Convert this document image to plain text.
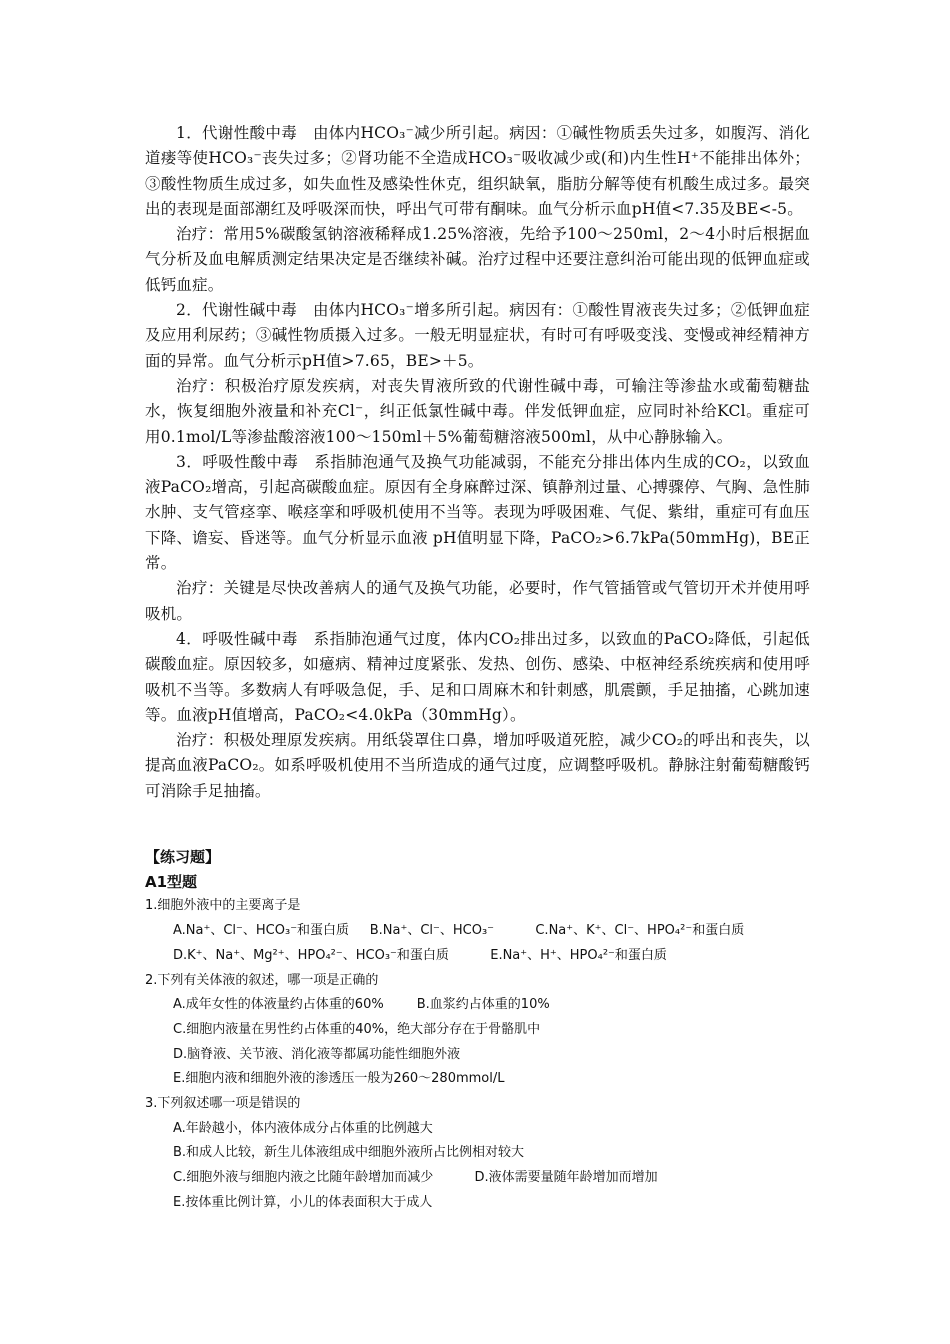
1．代谢性酸中毒　由体内HCO₃⁻减少所引起。病因：①碱性物质丢失过多，如腹泻、消化道瘘等使HCO₃⁻丧失过多；②肾功能不全造成HCO₃⁻吸收减少或(和)内生性H⁺不能排出体外；③酸性物质生成过多，如失血性及感染性休克，组织缺氧，脂肪分解等使有机酸生成过多。最突出的表现是面部潮红及呼吸深而快，呼出气可带有酮味。血气分析示血pH值<7.35及BE<-5。

治疗：常用5%碳酸氢钠溶液稀释成1.25%溶液，先给予100～250ml，2～4小时后根据血气分析及血电解质测定结果决定是否继续补碱。治疗过程中还要注意纠治可能出现的低钾血症或低钙血症。

2．代谢性碱中毒　由体内HCO₃⁻增多所引起。病因有：①酸性胃液丧失过多；②低钾血症及应用利尿药；③碱性物质摄入过多。一般无明显症状，有时可有呼吸变浅、变慢或神经精神方面的异常。血气分析示pH值>7.65，BE>＋5。

治疗：积极治疗原发疾病，对丧失胃液所致的代谢性碱中毒，可输注等渗盐水或葡萄糖盐水，恢复细胞外液量和补充Cl⁻，纠正低氯性碱中毒。伴发低钾血症，应同时补给KCl。重症可用0.1mol/L等渗盐酸溶液100～150ml＋5%葡萄糖溶液500ml，从中心静脉输入。

3．呼吸性酸中毒　系指肺泡通气及换气功能减弱，不能充分排出体内生成的CO₂，以致血液PaCO₂增高，引起高碳酸血症。原因有全身麻醉过深、镇静剂过量、心搏骤停、气胸、急性肺水肿、支气管痉挛、喉痉挛和呼吸机使用不当等。表现为呼吸困难、气促、紫绀，重症可有血压下降、谵妄、昏迷等。血气分析显示血液 pH值明显下降，PaCO₂>6.7kPa(50mmHg)，BE正常。

治疗：关键是尽快改善病人的通气及换气功能，必要时，作气管插管或气管切开术并使用呼吸机。

4．呼吸性碱中毒　系指肺泡通气过度，体内CO₂排出过多，以致血的PaCO₂降低，引起低碳酸血症。原因较多，如癔病、精神过度紧张、发热、创伤、感染、中枢神经系统疾病和使用呼吸机不当等。多数病人有呼吸急促，手、足和口周麻木和针刺感，肌震颤，手足抽搐，心跳加速等。血液pH值增高，PaCO₂<4.0kPa（30mmHg）。

治疗：积极处理原发疾病。用纸袋罩住口鼻，增加呼吸道死腔，减少CO₂的呼出和丧失，以提高血液PaCO₂。如系呼吸机使用不当所造成的通气过度，应调整呼吸机。静脉注射葡萄糖酸钙可消除手足抽搐。

【练习题】
A1型题
1.细胞外液中的主要离子是
A.Na⁺、Cl⁻、HCO₃⁻和蛋白质     B.Na⁺、Cl⁻、HCO₃⁻          C.Na⁺、K⁺、Cl⁻、HPO₄²⁻和蛋白质
D.K⁺、Na⁺、Mg²⁺、HPO₄²⁻、HCO₃⁻和蛋白质          E.Na⁺、H⁺、HPO₄²⁻和蛋白质
2.下列有关体液的叙述，哪一项是正确的
A.成年女性的体液量约占体重的60%        B.血浆约占体重的10%
C.细胞内液量在男性约占体重的40%，绝大部分存在于骨骼肌中
D.脑脊液、关节液、消化液等都属功能性细胞外液
E.细胞内液和细胞外液的渗透压一般为260～280mmol/L
3.下列叙述哪一项是错误的
A.年龄越小，体内液体成分占体重的比例越大
B.和成人比较，新生儿体液组成中细胞外液所占比例相对较大
C.细胞外液与细胞内液之比随年龄增加而减少          D.液体需要量随年龄增加而增加
E.按体重比例计算，小儿的体表面积大于成人
